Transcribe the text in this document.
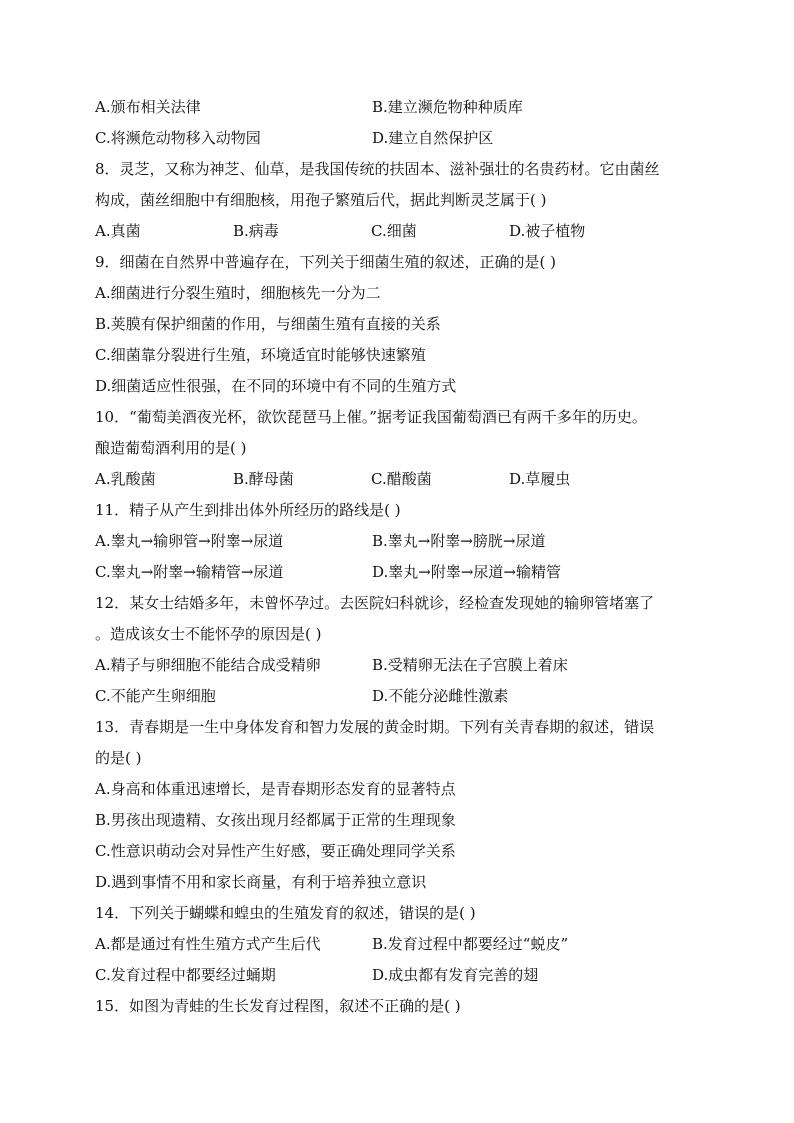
A.颁布相关法律	B.建立濒危物种种质库
C.将濒危动物移入动物园	D.建立自然保护区
8．灵芝，又称为神芝、仙草，是我国传统的扶固本、滋补强壮的名贵药材。它由菌丝
构成，菌丝细胞中有细胞核，用孢子繁殖后代，据此判断灵芝属于( )
A.真菌	B.病毒	C.细菌	D.被子植物
9．细菌在自然界中普遍存在，下列关于细菌生殖的叙述，正确的是( )
A.细菌进行分裂生殖时，细胞核先一分为二
B.荚膜有保护细菌的作用，与细菌生殖有直接的关系
C.细菌靠分裂进行生殖，环境适宜时能够快速繁殖
D.细菌适应性很强，在不同的环境中有不同的生殖方式
10．“葡萄美酒夜光杯，欲饮琵琶马上催。”据考证我国葡萄酒已有两千多年的历史。
酿造葡萄酒利用的是( )
A.乳酸菌	B.酵母菌	C.醋酸菌	D.草履虫
11．精子从产生到排出体外所经历的路线是( )
A.睾丸→输卵管→附睾→尿道	B.睾丸→附睾→膀胱→尿道
C.睾丸→附睾→输精管→尿道	D.睾丸→附睾→尿道→输精管
12．某女士结婚多年，未曾怀孕过。去医院妇科就诊，经检查发现她的输卵管堵塞了
。造成该女士不能怀孕的原因是( )
A.精子与卵细胞不能结合成受精卵	B.受精卵无法在子宫膜上着床
C.不能产生卵细胞	D.不能分泌雌性激素
13．青春期是一生中身体发育和智力发展的黄金时期。下列有关青春期的叙述，错误
的是( )
A.身高和体重迅速增长，是青春期形态发育的显著特点
B.男孩出现遗精、女孩出现月经都属于正常的生理现象
C.性意识萌动会对异性产生好感，要正确处理同学关系
D.遇到事情不用和家长商量，有利于培养独立意识
14．下列关于蝴蝶和蝗虫的生殖发育的叙述，错误的是( )
A.都是通过有性生殖方式产生后代	B.发育过程中都要经过“蜕皮”
C.发育过程中都要经过蛹期	D.成虫都有发育完善的翅
15．如图为青蛙的生长发育过程图，叙述不正确的是( )
